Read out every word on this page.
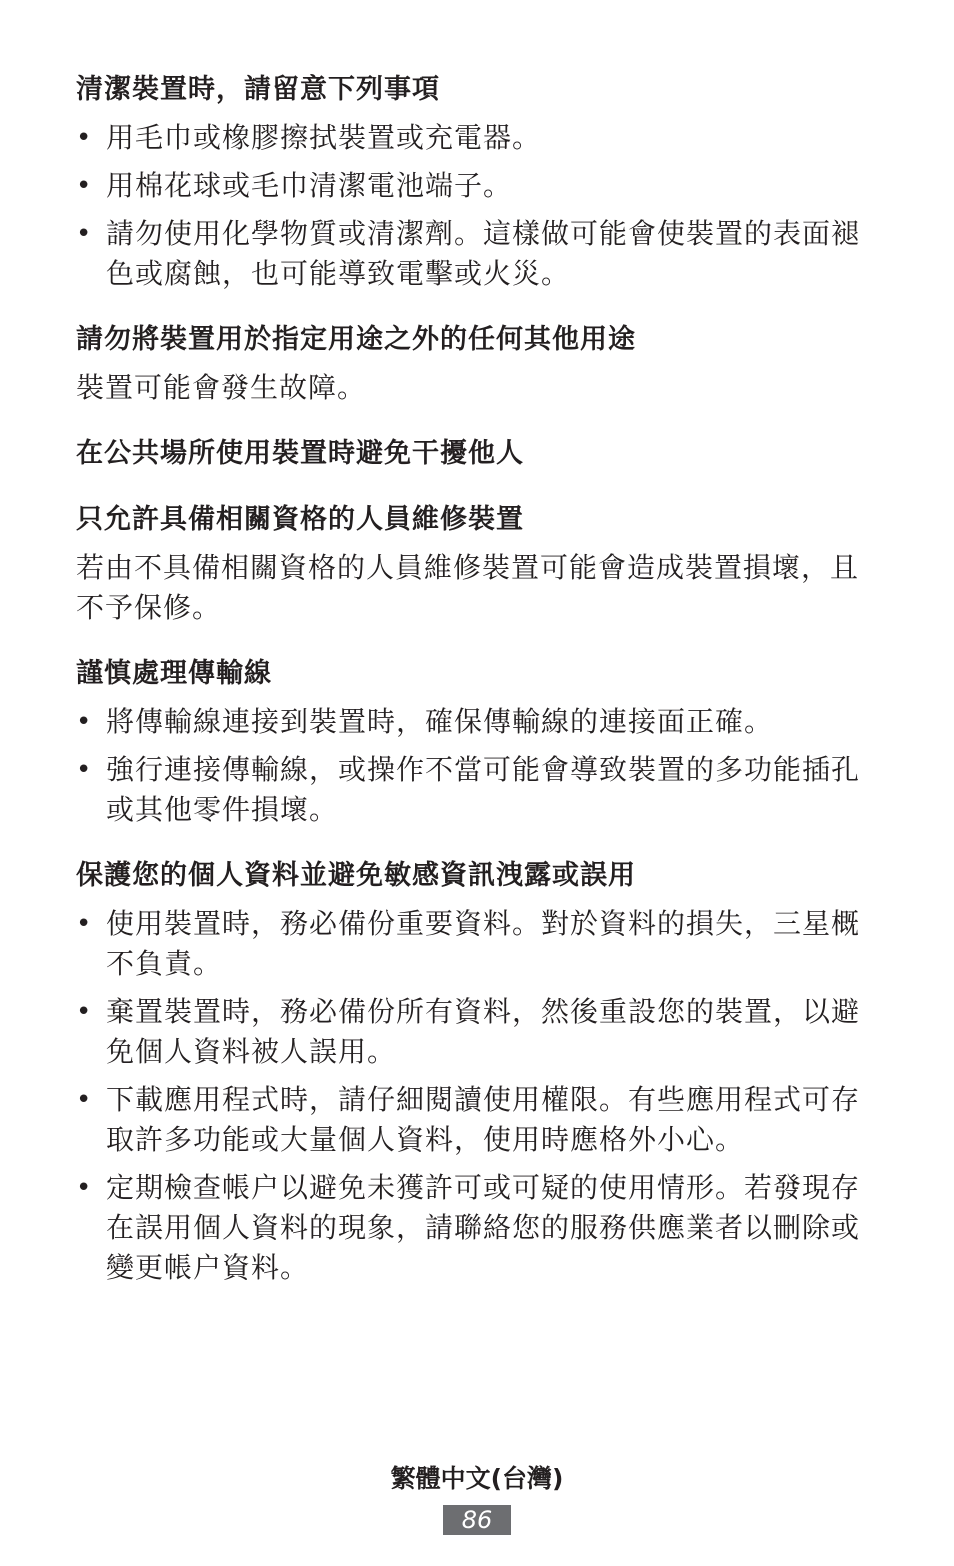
清潔裝置時，請留意下列事項
• 用毛巾或橡膠擦拭裝置或充電器。
• 用棉花球或毛巾清潔電池端子。
• 請勿使用化學物質或清潔劑。這樣做可能會使裝置的表面褪色或腐蝕，也可能導致電擊或火災。
請勿將裝置用於指定用途之外的任何其他用途

裝置可能會發生故障。

在公共場所使用裝置時避免干擾他人
只允許具備相關資格的人員維修裝置

若由不具備相關資格的人員維修裝置可能會造成裝置損壞，且不予保修。

謹慎處理傳輸線
• 將傳輸線連接到裝置時，確保傳輸線的連接面正確。
• 強行連接傳輸線，或操作不當可能會導致裝置的多功能插孔或其他零件損壞。
保護您的個人資料並避免敏感資訊洩露或誤用
• 使用裝置時，務必備份重要資料。對於資料的損失，三星概不負責。
• 棄置裝置時，務必備份所有資料，然後重設您的裝置，以避免個人資料被人誤用。
• 下載應用程式時，請仔細閱讀使用權限。有些應用程式可存取許多功能或大量個人資料，使用時應格外小心。
• 定期檢查帳户以避免未獲許可或可疑的使用情形。若發現存在誤用個人資料的現象，請聯絡您的服務供應業者以刪除或變更帳户資料。
繁體中文(台灣)
86
